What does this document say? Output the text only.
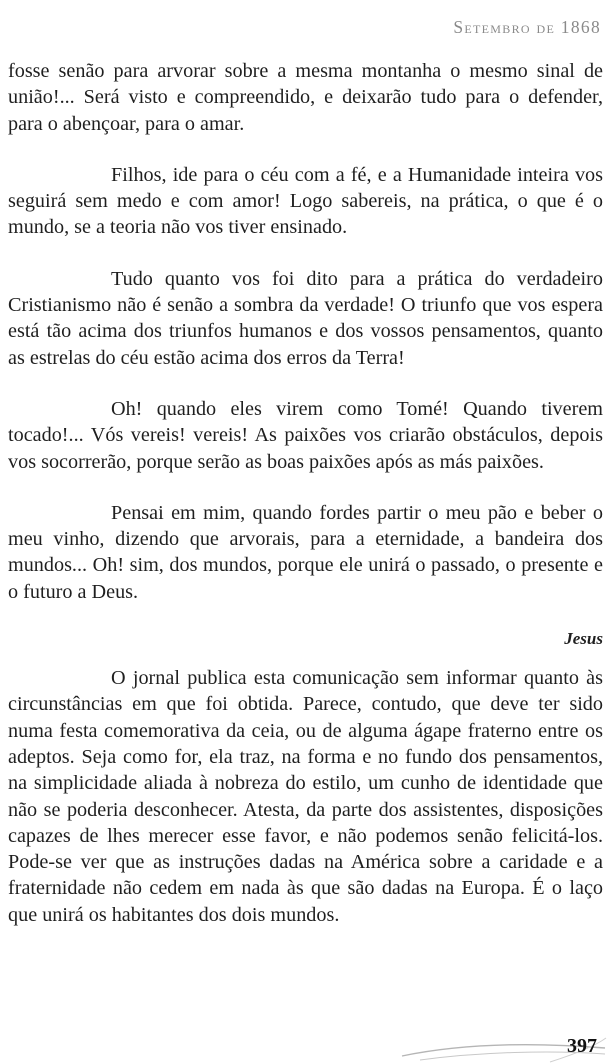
Setembro de 1868

fosse senão para arvorar sobre a mesma montanha o mesmo sinal de união!... Será visto e compreendido, e deixarão tudo para o defender, para o abençoar, para o amar.

Filhos, ide para o céu com a fé, e a Humanidade inteira vos seguirá sem medo e com amor! Logo sabereis, na prática, o que é o mundo, se a teoria não vos tiver ensinado.

Tudo quanto vos foi dito para a prática do verdadeiro Cristianismo não é senão a sombra da verdade! O triunfo que vos espera está tão acima dos triunfos humanos e dos vossos pensamentos, quanto as estrelas do céu estão acima dos erros da Terra!

Oh! quando eles virem como Tomé! Quando tiverem tocado!... Vós vereis! vereis! As paixões vos criarão obstáculos, depois vos socorrerão, porque serão as boas paixões após as más paixões.

Pensai em mim, quando fordes partir o meu pão e beber o meu vinho, dizendo que arvorais, para a eternidade, a bandeira dos mundos... Oh! sim, dos mundos, porque ele unirá o passado, o presente e o futuro a Deus.

Jesus

O jornal publica esta comunicação sem informar quanto às circunstâncias em que foi obtida. Parece, contudo, que deve ter sido numa festa comemorativa da ceia, ou de alguma ágape fraterno entre os adeptos. Seja como for, ela traz, na forma e no fundo dos pensamentos, na simplicidade aliada à nobreza do estilo, um cunho de identidade que não se poderia desconhecer. Atesta, da parte dos assistentes, disposições capazes de lhes merecer esse favor, e não podemos senão felicitá-los. Pode-se ver que as instruções dadas na América sobre a caridade e a fraternidade não cedem em nada às que são dadas na Europa. É o laço que unirá os habitantes dos dois mundos.

397
